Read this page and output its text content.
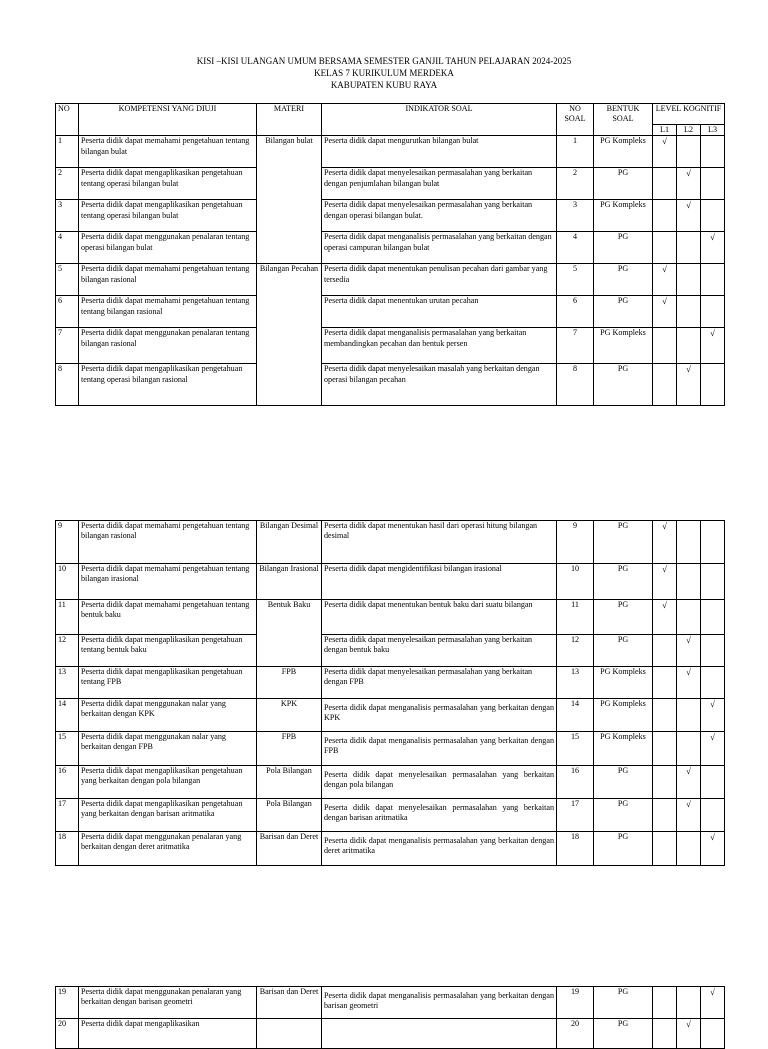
KISI –KISI ULANGAN UMUM BERSAMA SEMESTER GANJIL TAHUN PELAJARAN 2024-2025
KELAS 7 KURIKULUM MERDEKA
KABUPATEN KUBU RAYA
NO	KOMPETENSI YANG DIUJI	MATERI	INDIKATOR SOAL	NO SOAL	BENTUK SOAL	LEVEL KOGNITIF		
						L1	L2	L3
1	Peserta didik dapat memahami pengetahuan tentang bilangan bulat	Bilangan bulat	Peserta didik dapat mengurutkan bilangan bulat	1	PG Kompleks	√		
2	Peserta didik dapat mengaplikasikan pengetahuan tentang operasi bilangan bulat		Peserta didik dapat menyelesaikan permasalahan yang berkaitan dengan penjumlahan bilangan bulat	2	PG		√	
3	Peserta didik dapat mengaplikasikan pengetahuan tentang operasi bilangan bulat		Peserta didik dapat menyelesaikan permasalahan yang berkaitan dengan operasi bilangan bulat.	3	PG Kompleks		√	
4	Peserta didik dapat menggunakan penalaran tentang operasi bilangan bulat		Peserta didik dapat menganalisis permasalahan yang berkaitan dengan operasi campuran bilangan bulat	4	PG			√
5	Peserta didik dapat memahami pengetahuan tentang bilangan rasional	Bilangan Pecahan	Peserta didik dapat menentukan penulisan pecahan dari gambar yang tersedia	5	PG	√		
6	Peserta didik dapat memahami pengetahuan tentang tentang bilangan rasional		Peserta didik dapat menentukan urutan pecahan	6	PG	√		
7	Peserta didik dapat menggunakan penalaran tentang bilangan rasional		Peserta didik dapat menganalisis permasalahan yang berkaitan membandingkan pecahan dan bentuk persen	7	PG Kompleks			√
8	Peserta didik dapat mengaplikasikan pengetahuan tentang operasi bilangan rasional		Peserta didik dapat menyelesaikan masalah yang berkaitan dengan operasi bilangan pecahan	8	PG		√	
9	Peserta didik dapat memahami pengetahuan tentang bilangan rasional	Bilangan Desimal	Peserta didik dapat menentukan hasil dari operasi hitung bilangan desimal	9	PG	√		
10	Peserta didik dapat memahami pengetahuan tentang bilangan irasional	Bilangan Irasional	Peserta didik dapat mengidentifikasi bilangan irasional	10	PG	√		
11	Peserta didik dapat memahami pengetahuan tentang bentuk baku	Bentuk Baku	Peserta didik dapat menentukan bentuk baku dari suatu bilangan	11	PG	√		
12	Peserta didik dapat mengaplikasikan pengetahuan tentang bentuk baku		Peserta didik dapat menyelesaikan permasalahan yang berkaitan dengan bentuk baku	12	PG		√	
13	Peserta didik dapat mengaplikasikan pengetahuan tentang FPB	FPB	Peserta didik dapat menyelesaikan permasalahan yang berkaitan dengan FPB	13	PG Kompleks		√	
14	Peserta didik dapat menggunakan nalar yang berkaitan dengan KPK	KPK	Peserta didik dapat menganalisis permasalahan yang berkaitan dengan KPK	14	PG Kompleks			√
15	Peserta didik dapat menggunakan nalar yang berkaitan dengan FPB	FPB	Peserta didik dapat menganalisis permasalahan yang berkaitan dengan FPB	15	PG Kompleks			√
16	Peserta didik dapat mengaplikasikan pengetahuan yang berkaitan dengan pola bilangan	Pola Bilangan	Peserta didik dapat menyelesaikan permasalahan yang berkaitan dengan pola bilangan	16	PG		√	
17	Peserta didik dapat mengaplikasikan pengetahuan yang berkaitan dengan barisan aritmatika	Pola Bilangan	Peserta didik dapat menyelesaikan permasalahan yang berkaitan dengan barisan aritmatika	17	PG		√	
18	Peserta didik dapat menggunakan penalaran yang berkaitan dengan deret aritmatika	Barisan dan Deret	Peserta didik dapat menganalisis permasalahan yang berkaitan dengan deret aritmatika	18	PG			√
19	Peserta didik dapat menggunakan penalaran yang berkaitan dengan barisan geometri	Barisan dan Deret	Peserta didik dapat menganalisis permasalahan yang berkaitan dengan barisan geometri	19	PG			√
20	Peserta didik dapat mengaplikasikan			20	PG		√	
